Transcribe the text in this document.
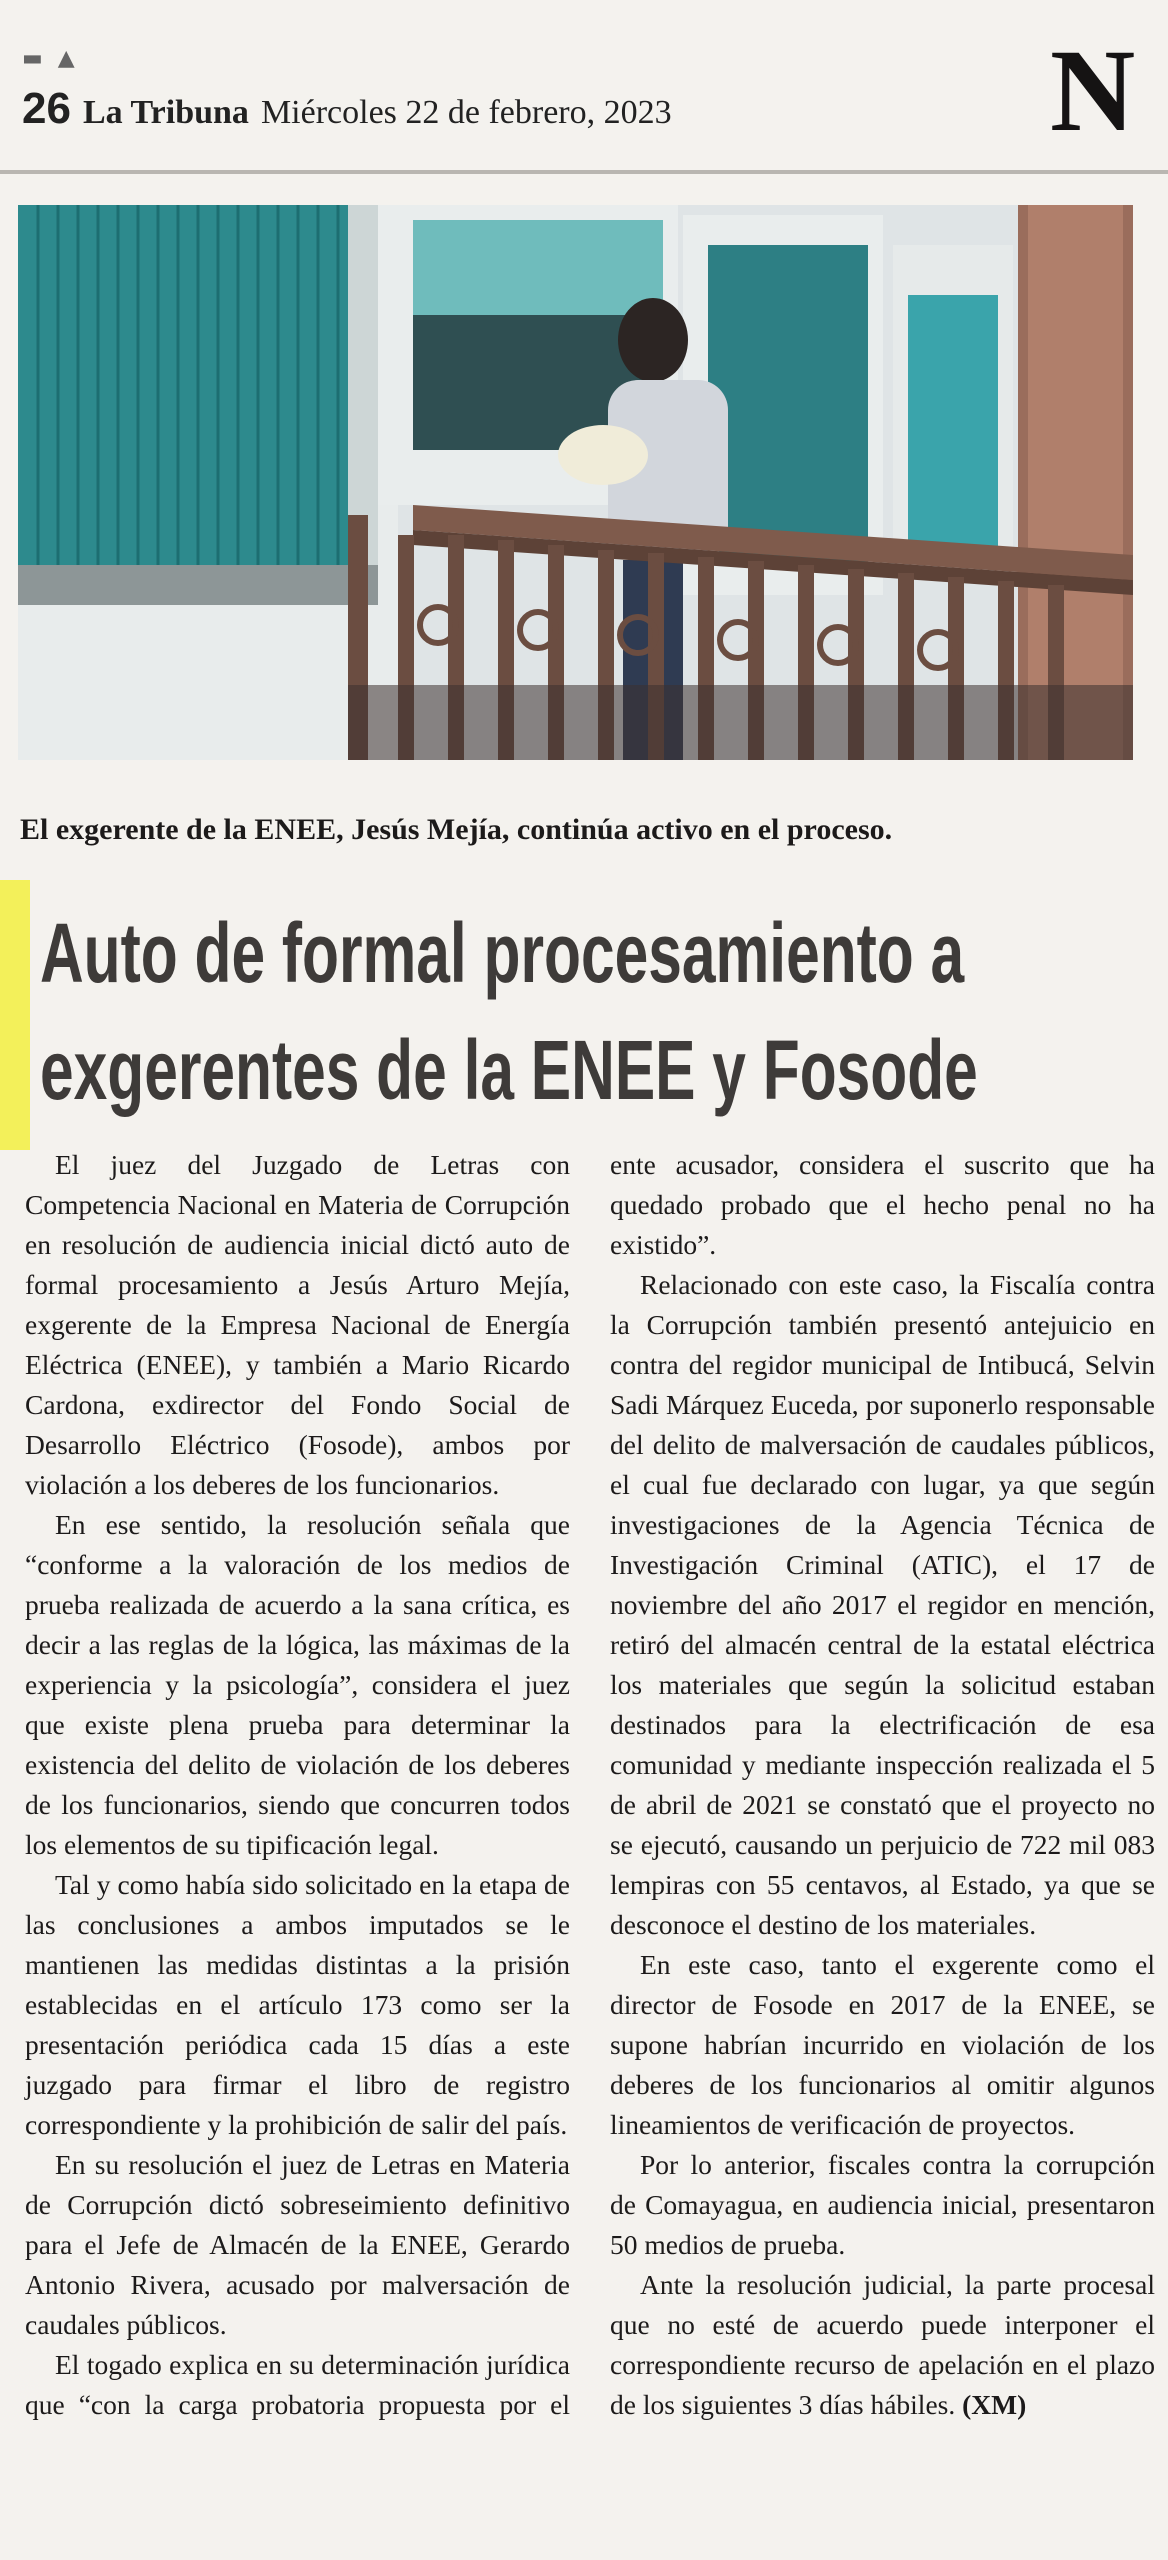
▬ ▲
26 La Tribuna Miércoles 22 de febrero, 2023	N
El exgerente de la ENEE, Jesús Mejía, continúa activo en el proceso.
Auto de formal procesamiento a
exgerentes de la ENEE y Fosode

El juez del Juzgado de Letras con Competencia Nacional en Materia de Corrupción en resolución de audiencia inicial dictó auto de formal procesamiento a Jesús Arturo Mejía, exgerente de la Empresa Nacional de Energía Eléctrica (ENEE), y también a Mario Ricardo Cardona, exdirector del Fondo Social de Desarrollo Eléctrico (Fosode), ambos por violación a los deberes de los funcionarios.

En ese sentido, la resolución señala que “conforme a la valoración de los medios de prueba realizada de acuerdo a la sana crítica, es decir a las reglas de la lógica, las máximas de la experiencia y la psicología”, considera el juez que existe plena prueba para determinar la existencia del delito de violación de los deberes de los funcionarios, siendo que concurren todos los elementos de su tipificación legal.

Tal y como había sido solicitado en la etapa de las conclusiones a ambos imputados se le mantienen las medidas distintas a la prisión establecidas en el artículo 173 como ser la presentación periódica cada 15 días a este juzgado para firmar el libro de registro correspondiente y la prohibición de salir del país.

En su resolución el juez de Letras en Materia de Corrupción dictó sobreseimiento definitivo para el Jefe de Almacén de la ENEE, Gerardo Antonio Rivera, acusado por malversación de caudales públicos.

El togado explica en su determinación jurídica que “con la carga probatoria propuesta por el ente acusador, considera el suscrito que ha quedado probado que el hecho penal no ha existido”.

Relacionado con este caso, la Fiscalía contra la Corrupción también presentó antejuicio en contra del regidor municipal de Intibucá, Selvin Sadi Márquez Euceda, por suponerlo responsable del delito de malversación de caudales públicos, el cual fue declarado con lugar, ya que según investigaciones de la Agencia Técnica de Investigación Criminal (ATIC), el 17 de noviembre del año 2017 el regidor en mención, retiró del almacén central de la estatal eléctrica los materiales que según la solicitud estaban destinados para la electrificación de esa comunidad y mediante inspección realizada el 5 de abril de 2021 se constató que el proyecto no se ejecutó, causando un perjuicio de 722 mil 083 lempiras con 55 centavos, al Estado, ya que se desconoce el destino de los materiales.

En este caso, tanto el exgerente como el director de Fosode en 2017 de la ENEE, se supone habrían incurrido en violación de los deberes de los funcionarios al omitir algunos lineamientos de verificación de proyectos.

Por lo anterior, fiscales contra la corrupción de Comayagua, en audiencia inicial, presentaron 50 medios de prueba.

Ante la resolución judicial, la parte procesal que no esté de acuerdo puede interponer el correspondiente recurso de apelación en el plazo de los siguientes 3 días hábiles. (XM)
